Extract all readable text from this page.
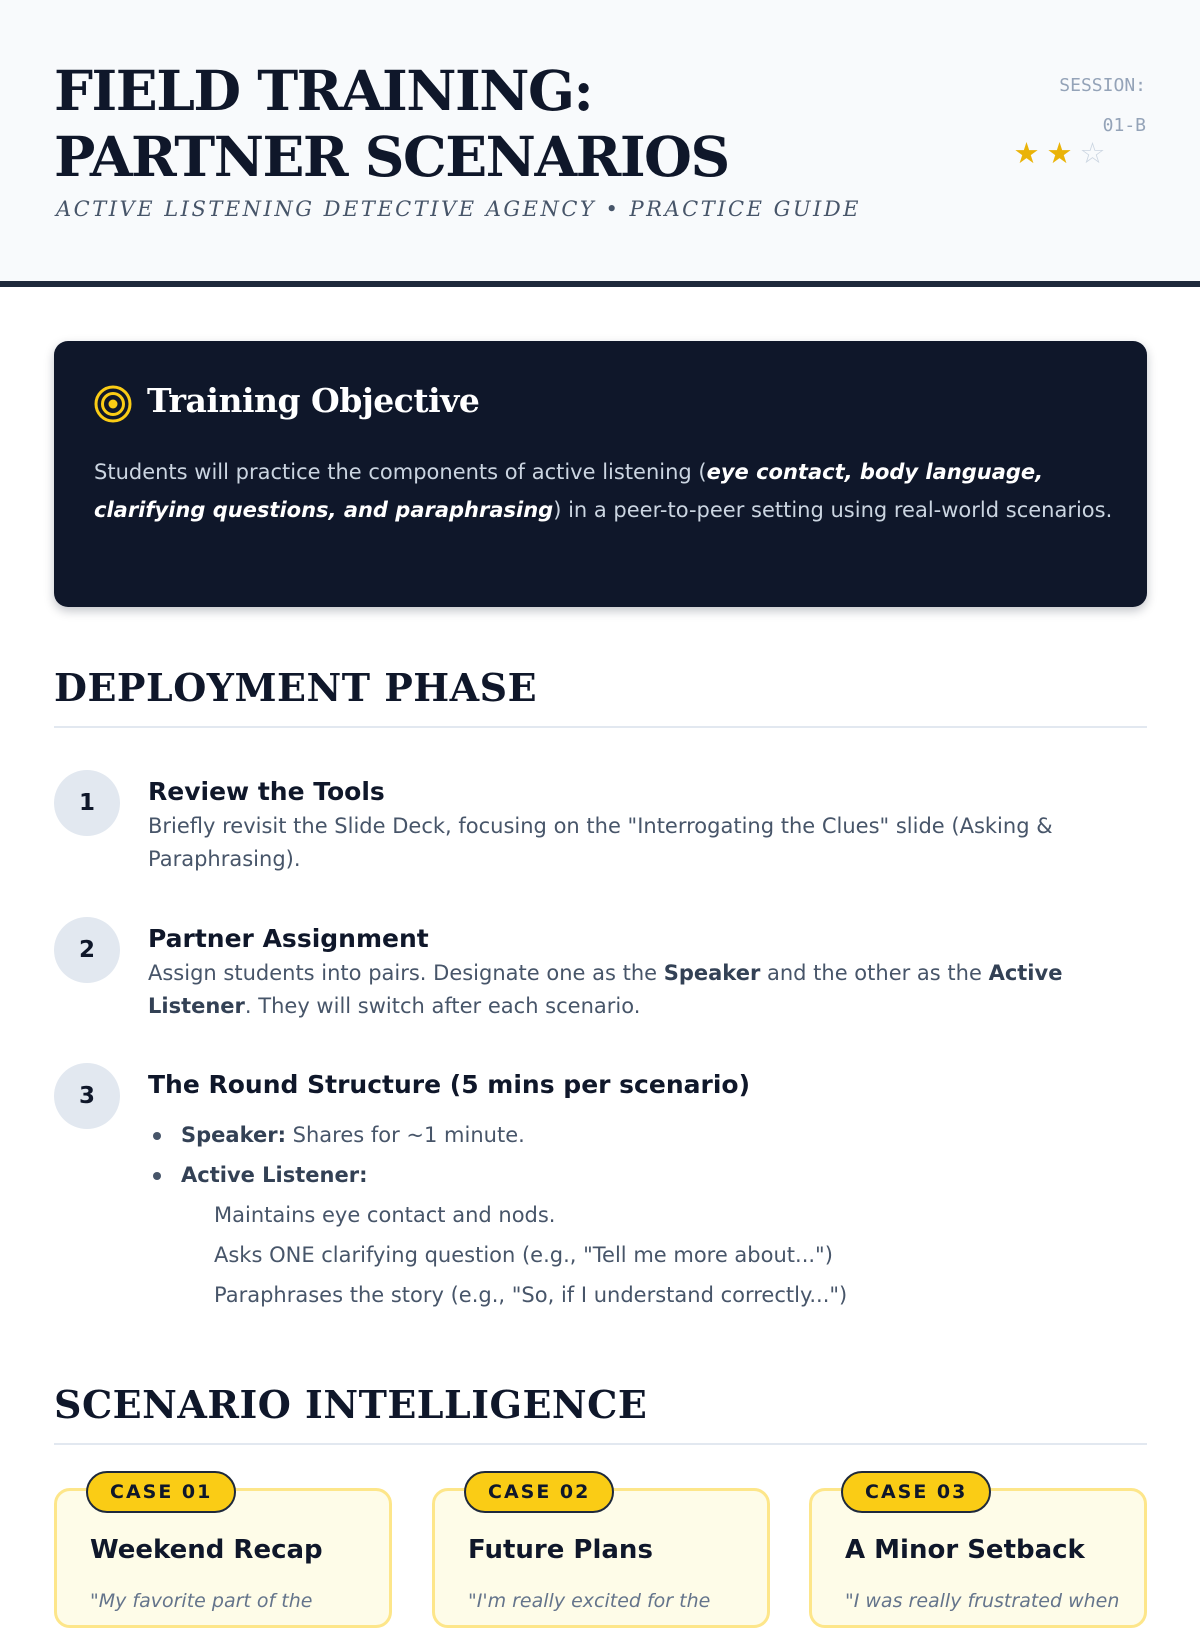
FIELD TRAINING: PARTNER SCENARIOS
ACTIVE LISTENING DETECTIVE AGENCY • PRACTICE GUIDE
SESSION:
01-B
★ ★ ☆
Training Objective

Students will practice the components of active listening (eye contact, body language, clarifying questions, and paraphrasing) in a peer-to-peer setting using real-world scenarios.

DEPLOYMENT PHASE
1	Review the Tools

Briefly revisit the Slide Deck, focusing on the "Interrogating the Clues" slide (Asking & Paraphrasing).

2	Partner Assignment

Assign students into pairs. Designate one as the Speaker and the other as the Active Listener. They will switch after each scenario.

3	The Round Structure (5 mins per scenario)
Speaker: Shares for ~1 minute.
Active Listener:
Maintains eye contact and nods.
Asks ONE clarifying question (e.g., "Tell me more about...")
Paraphrases the story (e.g., "So, if I understand correctly...")
SCENARIO INTELLIGENCE
CASE 01
Weekend Recap
"My favorite part of the
CASE 02
Future Plans
"I'm really excited for the
CASE 03
A Minor Setback
"I was really frustrated when
